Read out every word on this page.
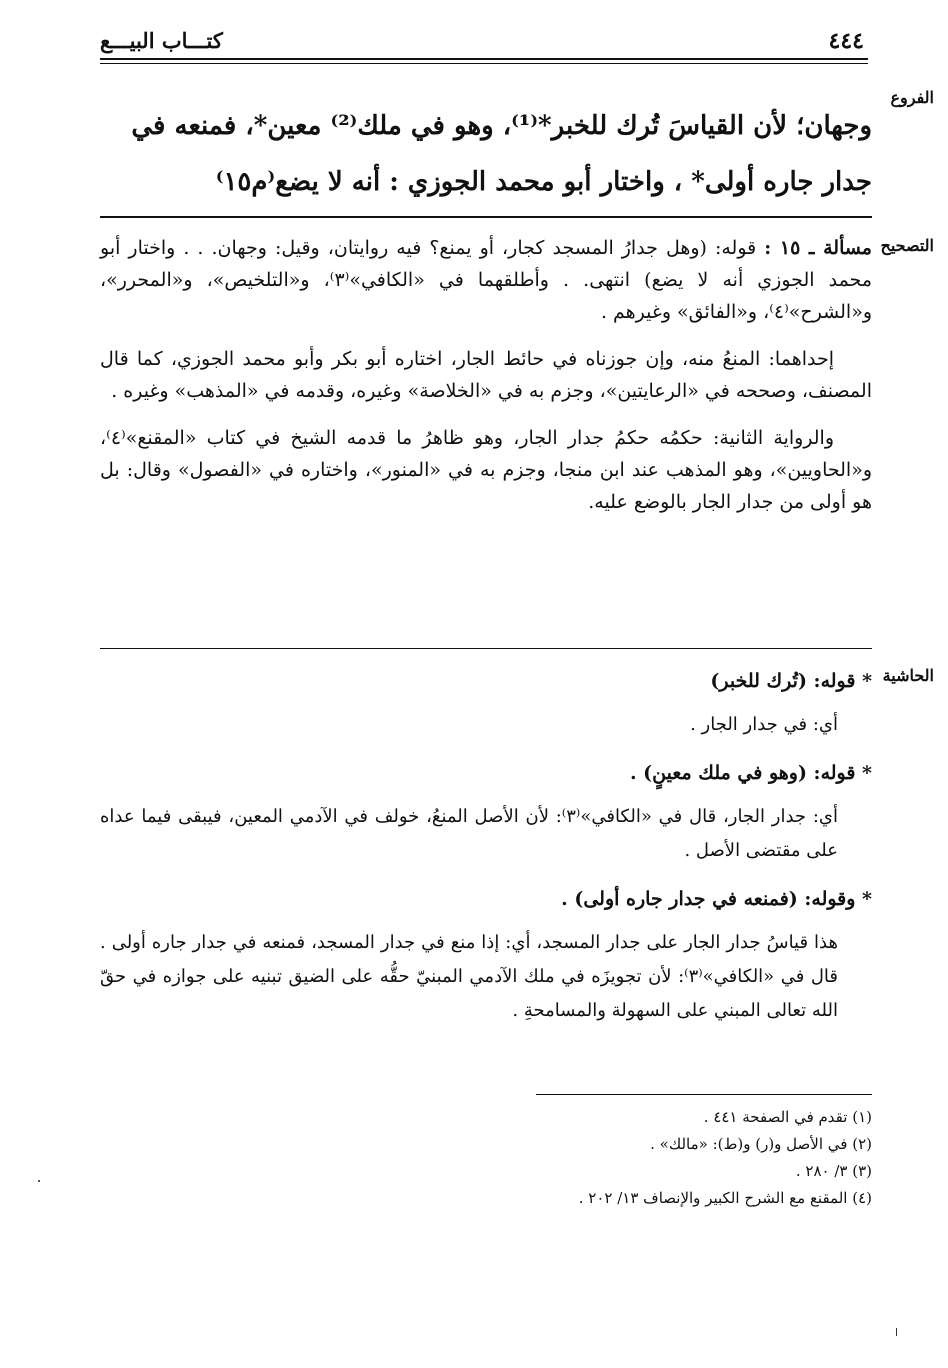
٤٤٤
كتـــاب البيـــع
الفروع
وجهان؛ لأن القياسَ تُرك للخبر*⁽¹⁾، وهو في ملك⁽²⁾ معين*، فمنعه في
جدار جاره أولى* ، واختار أبو محمد الجوزي : أنه لا يضع⁽م١٥⁾
التصحيح

مسألة ـ ١٥ : قوله: (وهل جدارُ المسجد كجار، أو يمنع؟ فيه روايتان، وقيل: وجهان. . . واختار أبو محمد الجوزي أنه لا يضع) انتهى. . وأطلقهما في «الكافي»⁽٣⁾، و«التلخيص»، و«المحرر»، و«الشرح»⁽٤⁾، و«الفائق» وغيرهم .

إحداهما: المنعُ منه، وإن جوزناه في حائط الجار، اختاره أبو بكر وأبو محمد الجوزي، كما قال المصنف، وصححه في «الرعايتين»، وجزم به في «الخلاصة» وغيره، وقدمه في «المذهب» وغيره .

والرواية الثانية: حكمُه حكمُ جدار الجار، وهو ظاهرُ ما قدمه الشيخ في كتاب «المقنع»⁽٤⁾، و«الحاويين»، وهو المذهب عند ابن منجا، وجزم به في «المنور»، واختاره في «الفصول» وقال: بل هو أولى من جدار الجار بالوضع عليه.

الحاشية
* قوله: (تُرك للخبر)
أي: في جدار الجار .
* قوله: (وهو في ملك معينٍ) .
أي: جدار الجار، قال في «الكافي»⁽٣⁾: لأن الأصل المنعُ، خولف في الآدمي المعين، فيبقى فيما عداه على مقتضى الأصل .
* وقوله: (فمنعه في جدار جاره أولى) .
هذا قياسُ جدار الجار على جدار المسجد، أي: إذا منع في جدار المسجد، فمنعه في جدار جاره أولى . قال في «الكافي»⁽٣⁾: لأن تجويزَه في ملك الآدمي المبنيّ حقُّه على الضيق تبنيه على جوازه في حقّ الله تعالى المبني على السهولة والمسامحةِ .
(١) تقدم في الصفحة ٤٤١ .
(٢) في الأصل و(ر) و(ط): «مالك» .
(٣) ٣/ ٢٨٠ .
(٤) المقنع مع الشرح الكبير والإنصاف ١٣/ ٢٠٢ .
